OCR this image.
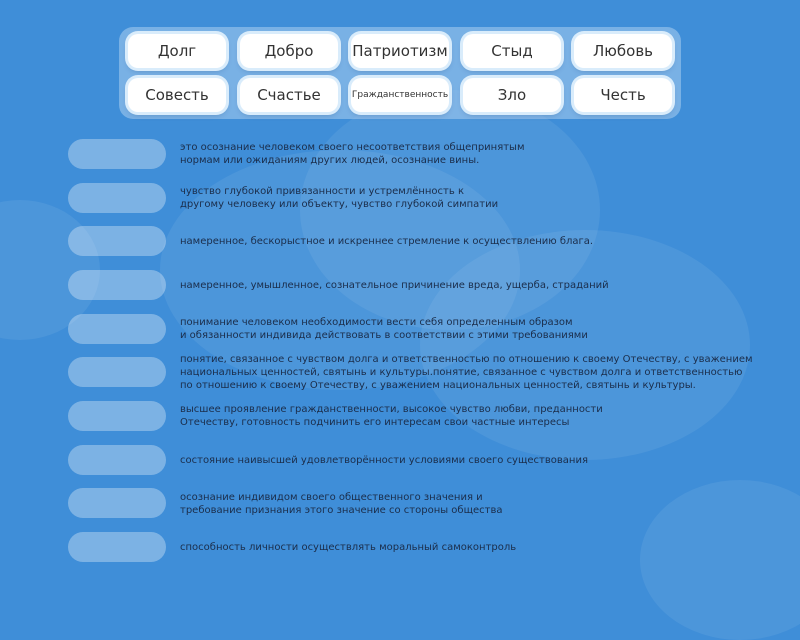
Долг	Добро	Патриотизм	Стыд	Любовь
Совесть	Счастье	Гражданственность	Зло	Честь
это осознание человеком своего несоответствия общепринятым
нормам или ожиданиям других людей, осознание вины.
чувство глубокой привязанности и устремлённость к
другому человеку или объекту, чувство глубокой симпатии
намеренное, бескорыстное и искреннее стремление к осуществлению блага.
намеренное, умышленное, сознательное причинение вреда, ущерба, страданий
понимание человеком необходимости вести себя определенным образом
и обязанности индивида действовать в соответствии с этими требованиями
понятие, связанное с чувством долга и ответственностью по отношению к своему Отечеству, с уважением
национальных ценностей, святынь и культуры.понятие, связанное с чувством долга и ответственностью
по отношению к своему Отечеству, с уважением национальных ценностей, святынь и культуры.
высшее проявление гражданственности, высокое чувство любви, преданности
Отечеству, готовность подчинить его интересам свои частные интересы
состояние наивысшей удовлетворённости условиями своего существования
осознание индивидом своего общественного значения и
требование признания этого значение со стороны общества
способность личности осуществлять моральный самоконтроль
